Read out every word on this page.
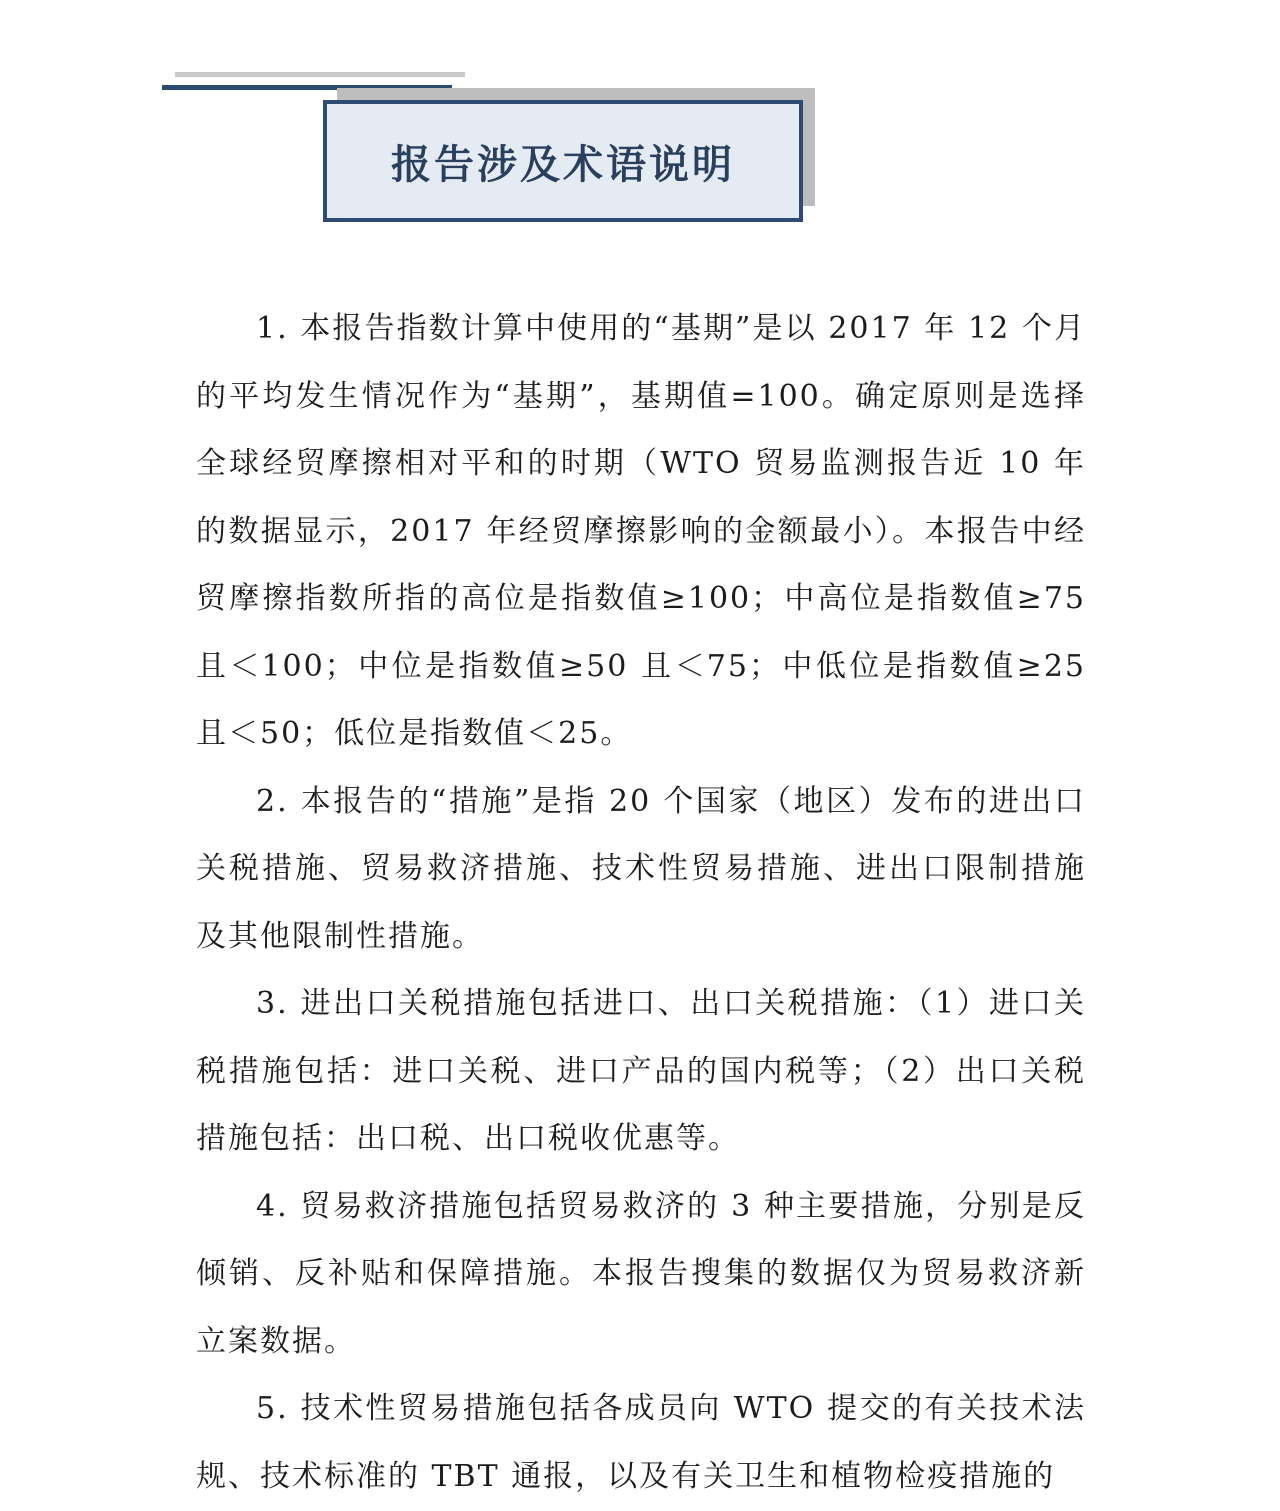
报告涉及术语说明

1. 本报告指数计算中使用的“基期”是以 2017 年 12 个月的平均发生情况作为“基期”，基期值=100。确定原则是选择全球经贸摩擦相对平和的时期（WTO 贸易监测报告近 10 年的数据显示，2017 年经贸摩擦影响的金额最小）。本报告中经贸摩擦指数所指的高位是指数值≥100；中高位是指数值≥75 且＜100；中位是指数值≥50 且＜75；中低位是指数值≥25 且＜50；低位是指数值＜25。

2. 本报告的“措施”是指 20 个国家（地区）发布的进出口关税措施、贸易救济措施、技术性贸易措施、进出口限制措施及其他限制性措施。

3. 进出口关税措施包括进口、出口关税措施：（1）进口关税措施包括：进口关税、进口产品的国内税等；（2）出口关税措施包括：出口税、出口税收优惠等。

4. 贸易救济措施包括贸易救济的 3 种主要措施，分别是反倾销、反补贴和保障措施。本报告搜集的数据仅为贸易救济新立案数据。

5. 技术性贸易措施包括各成员向 WTO 提交的有关技术法规、技术标准的 TBT 通报，以及有关卫生和植物检疫措施的
